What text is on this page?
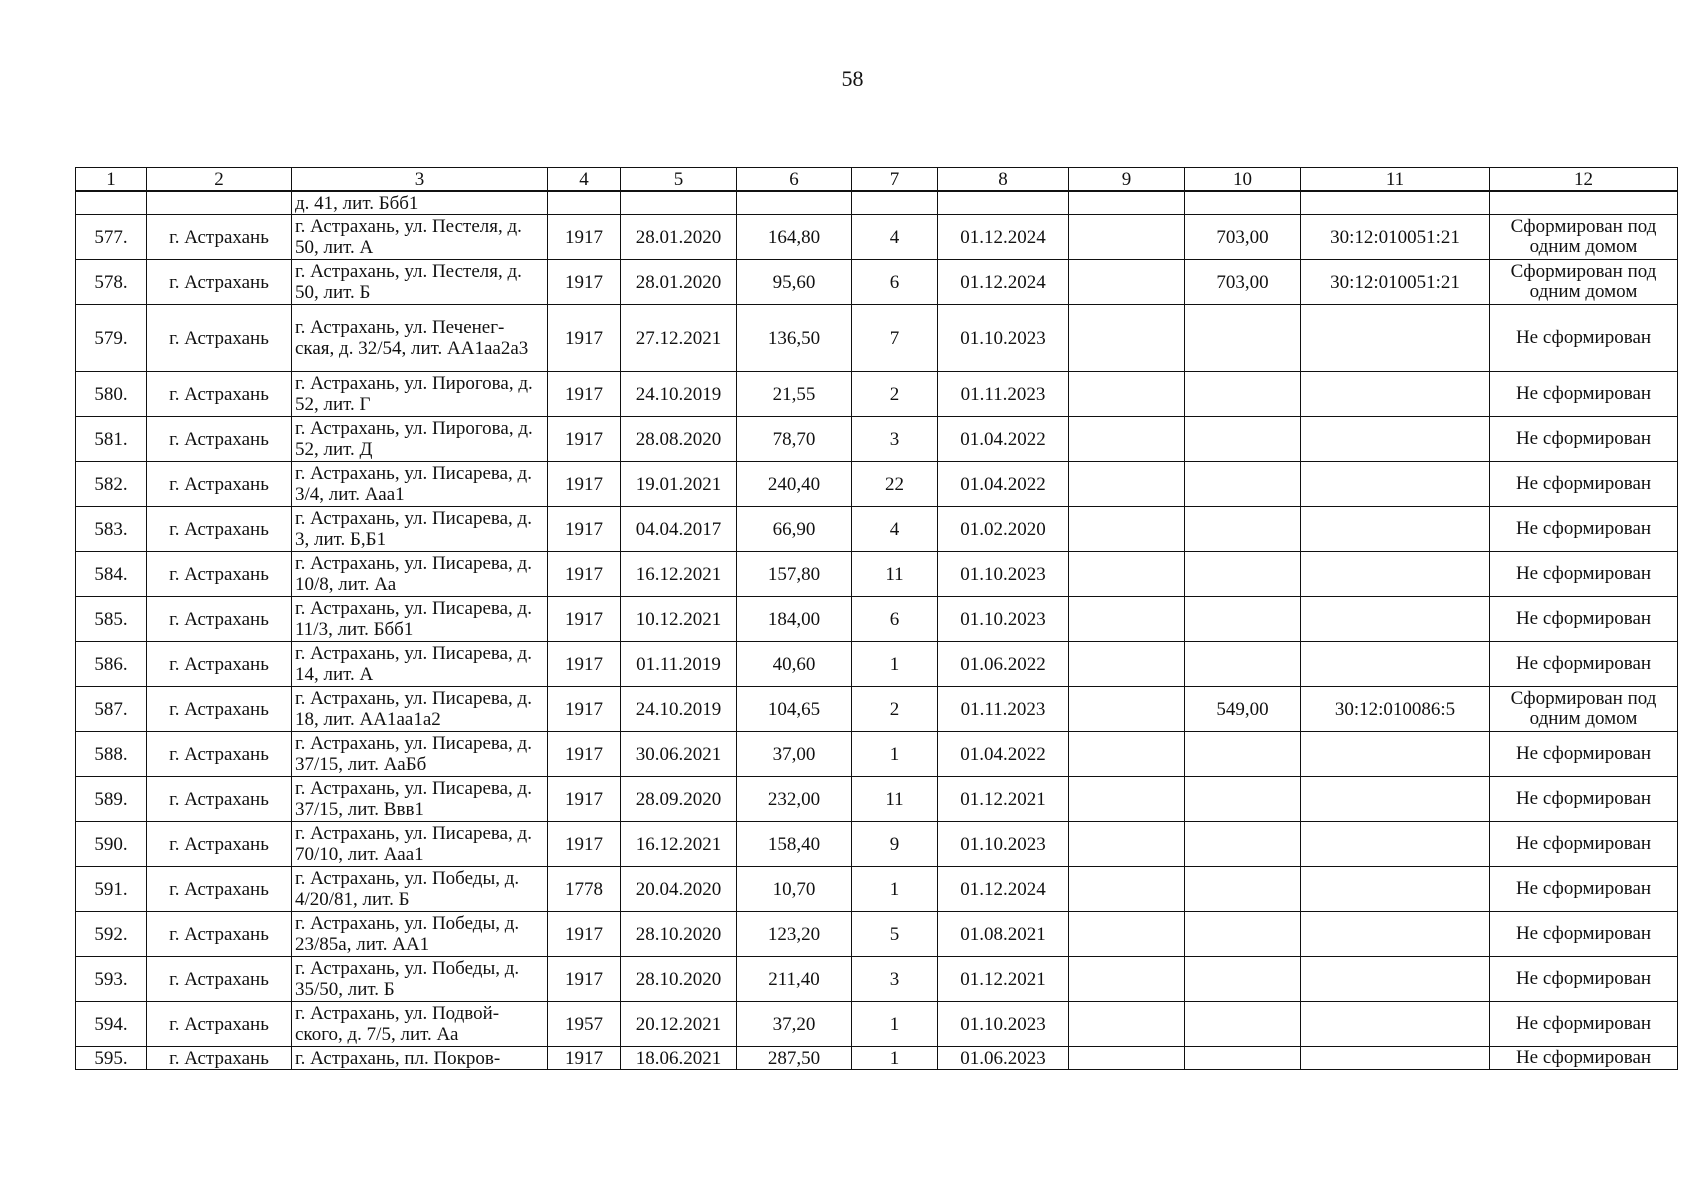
58
1	2	3	4	5	6	7	8	9	10	11	12
		д. 41, лит. Ббб1									
577.	г. Астрахань	г. Астрахань, ул. Пестеля, д. 50, лит. А	1917	28.01.2020	164,80	4	01.12.2024		703,00	30:12:010051:21	Сформирован под одним домом
578.	г. Астрахань	г. Астрахань, ул. Пестеля, д. 50, лит. Б	1917	28.01.2020	95,60	6	01.12.2024		703,00	30:12:010051:21	Сформирован под одним домом
579.	г. Астрахань	г. Астрахань, ул. Печенег-ская, д. 32/54, лит. АА1аа2а3	1917	27.12.2021	136,50	7	01.10.2023				Не сформирован
580.	г. Астрахань	г. Астрахань, ул. Пирогова, д. 52, лит. Г	1917	24.10.2019	21,55	2	01.11.2023				Не сформирован
581.	г. Астрахань	г. Астрахань, ул. Пирогова, д. 52, лит. Д	1917	28.08.2020	78,70	3	01.04.2022				Не сформирован
582.	г. Астрахань	г. Астрахань, ул. Писарева, д. 3/4, лит. Ааа1	1917	19.01.2021	240,40	22	01.04.2022				Не сформирован
583.	г. Астрахань	г. Астрахань, ул. Писарева, д. 3, лит. Б,Б1	1917	04.04.2017	66,90	4	01.02.2020				Не сформирован
584.	г. Астрахань	г. Астрахань, ул. Писарева, д. 10/8, лит. Аа	1917	16.12.2021	157,80	11	01.10.2023				Не сформирован
585.	г. Астрахань	г. Астрахань, ул. Писарева, д. 11/3, лит. Ббб1	1917	10.12.2021	184,00	6	01.10.2023				Не сформирован
586.	г. Астрахань	г. Астрахань, ул. Писарева, д. 14, лит. А	1917	01.11.2019	40,60	1	01.06.2022				Не сформирован
587.	г. Астрахань	г. Астрахань, ул. Писарева, д. 18, лит. АА1аа1а2	1917	24.10.2019	104,65	2	01.11.2023		549,00	30:12:010086:5	Сформирован под одним домом
588.	г. Астрахань	г. Астрахань, ул. Писарева, д. 37/15, лит. АаБб	1917	30.06.2021	37,00	1	01.04.2022				Не сформирован
589.	г. Астрахань	г. Астрахань, ул. Писарева, д. 37/15, лит. Ввв1	1917	28.09.2020	232,00	11	01.12.2021				Не сформирован
590.	г. Астрахань	г. Астрахань, ул. Писарева, д. 70/10, лит. Ааа1	1917	16.12.2021	158,40	9	01.10.2023				Не сформирован
591.	г. Астрахань	г. Астрахань, ул. Победы, д. 4/20/81, лит. Б	1778	20.04.2020	10,70	1	01.12.2024				Не сформирован
592.	г. Астрахань	г. Астрахань, ул. Победы, д. 23/85а, лит. АА1	1917	28.10.2020	123,20	5	01.08.2021				Не сформирован
593.	г. Астрахань	г. Астрахань, ул. Победы, д. 35/50, лит. Б	1917	28.10.2020	211,40	3	01.12.2021				Не сформирован
594.	г. Астрахань	г. Астрахань, ул. Подвой-ского, д. 7/5, лит. Аа	1957	20.12.2021	37,20	1	01.10.2023				Не сформирован
595.	г. Астрахань	г. Астрахань, пл. Покров-	1917	18.06.2021	287,50	1	01.06.2023				Не сформирован
